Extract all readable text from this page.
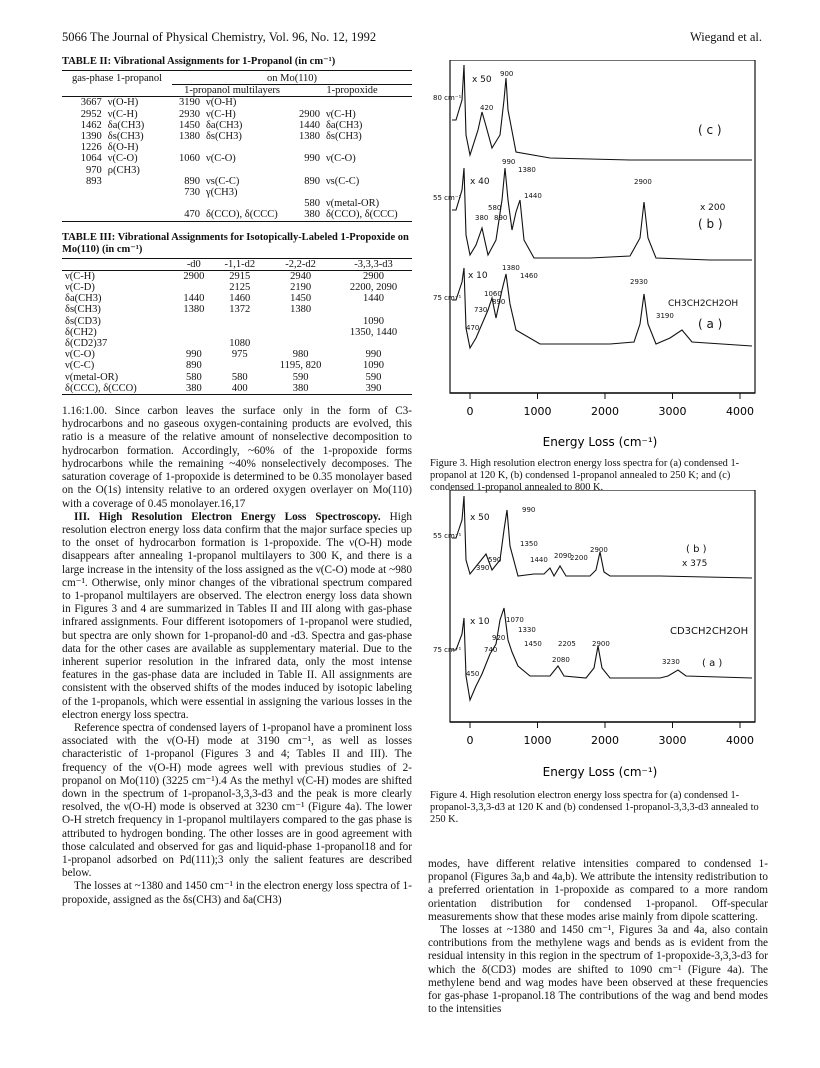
5066 The Journal of Physical Chemistry, Vol. 96, No. 12, 1992	Wiegand et al.
TABLE II: Vibrational Assignments for 1-Propanol (in cm⁻¹)
gas-phase 1-propanol		on Mo(110)			
		1-propanol multilayers		1-propoxide	
3667	ν(O-H)	3190	ν(O-H)		
2952	ν(C-H)	2930	ν(C-H)	2900	ν(C-H)
1462	δa(CH3)	1450	δa(CH3)	1440	δa(CH3)
1390	δs(CH3)	1380	δs(CH3)	1380	δs(CH3)
1226	δ(O-H)				
1064	ν(C-O)	1060	ν(C-O)	990	ν(C-O)
970	ρ(CH3)				
893		890	νs(C-C)	890	νs(C-C)
		730	γ(CH3)		
				580	ν(metal-OR)
		470	δ(CCO), δ(CCC)	380	δ(CCO), δ(CCC)
TABLE III: Vibrational Assignments for Isotopically-Labeled 1-Propoxide on Mo(110) (in cm⁻¹)
	-d0	-1,1-d2	-2,2-d2	-3,3,3-d3
ν(C-H)	2900	2915	2940	2900
ν(C-D)		2125	2190	2200, 2090
δa(CH3)	1440	1460	1450	1440
δs(CH3)	1380	1372	1380	
δs(CD3)				1090
δ(CH2)				1350, 1440
δ(CD2)37		1080		
ν(C-O)	990	975	980	990
ν(C-C)	890		1195, 820	1090
ν(metal-OR)	580	580	590	590
δ(CCC), δ(CCO)	380	400	380	390

1.16:1.00. Since carbon leaves the surface only in the form of C3-hydrocarbons and no gaseous oxygen-containing products are evolved, this ratio is a measure of the relative amount of nonselective decomposition to hydrocarbon formation. Accordingly, ~60% of the 1-propoxide forms hydrocarbons while the remaining ~40% nonselectively decomposes. The saturation coverage of 1-propoxide is determined to be 0.35 monolayer based on the O(1s) intensity relative to an ordered oxygen overlayer on Mo(110) with a coverage of 0.45 monolayer.16,17

III. High Resolution Electron Energy Loss Spectroscopy. High resolution electron energy loss data confirm that the major surface species up to the onset of hydrocarbon formation is 1-propoxide. The ν(O-H) mode disappears after annealing 1-propanol multilayers to 300 K, and there is a large increase in the intensity of the loss assigned as the ν(C-O) mode at ~980 cm⁻¹. Otherwise, only minor changes of the vibrational spectrum compared to 1-propanol multilayers are observed. The electron energy loss data shown in Figures 3 and 4 are summarized in Tables II and III along with gas-phase infrared assignments. Four different isotopomers of 1-propanol were studied, but spectra are only shown for 1-propanol-d0 and -d3. Spectra and gas-phase data for the other cases are available as supplementary material. Due to the inherent superior resolution in the infrared data, only the most intense features in the gas-phase data are included in Table II. All assignments are consistent with the observed shifts of the modes induced by isotopic labeling of the 1-propanols, which were essential in assigning the various losses in the electron energy loss spectra.

Reference spectra of condensed layers of 1-propanol have a prominent loss associated with the ν(O-H) mode at 3190 cm⁻¹, as well as losses characteristic of 1-propanol (Figures 3 and 4; Tables II and III). The frequency of the ν(O-H) mode agrees well with previous studies of 2-propanol on Mo(110) (3225 cm⁻¹).4 As the methyl ν(C-H) modes are shifted down in the spectrum of 1-propanol-3,3,3-d3 and the peak is more clearly resolved, the ν(O-H) mode is observed at 3230 cm⁻¹ (Figure 4a). The lower O-H stretch frequency in 1-propanol multilayers compared to the gas phase is attributed to hydrogen bonding. The other losses are in good agreement with those calculated and observed for gas and liquid-phase 1-propanol18 and for 1-propanol adsorbed on Pd(111);3 only the salient features are described below.

The losses at ~1380 and 1450 cm⁻¹ in the electron energy loss spectra of 1-propoxide, assigned as the δs(CH3) and δa(CH3)

0	1000	2000	3000	4000
80 cm⁻¹
x 50
900
420
( c )
55 cm⁻¹
x 40
990
1380
1440
2900
580
380 890
x 200
( b )
75 cm⁻¹
x 10
1380
1460
2930
1060
890
730
470
3190
CH3CH2CH2OH
( a )
Energy Loss (cm⁻¹)
Figure 3. High resolution electron energy loss spectra for (a) condensed 1-propanol at 120 K, (b) condensed 1-propanol annealed to 250 K; and (c) condensed 1-propanol annealed to 800 K.
0	1000	2000	3000	4000
55 cm⁻¹
x 50
990
1350
1440 2090
2200
2900
590
390
( b )
x 375
75 cm⁻¹
x 10 1070
1330
920
1450 2205 2900
740
2080	3230
450
CD3CH2CH2OH
( a )
Energy Loss (cm⁻¹)
Figure 4. High resolution electron energy loss spectra for (a) condensed 1-propanol-3,3,3-d3 at 120 K and (b) condensed 1-propanol-3,3,3-d3 annealed to 250 K.

modes, have different relative intensities compared to condensed 1-propanol (Figures 3a,b and 4a,b). We attribute the intensity redistribution to a preferred orientation in 1-propoxide as compared to a more random orientation distribution for condensed 1-propanol. Off-specular measurements show that these modes arise mainly from dipole scattering.

The losses at ~1380 and 1450 cm⁻¹, Figures 3a and 4a, also contain contributions from the methylene wags and bends as is evident from the residual intensity in this region in the spectrum of 1-propoxide-3,3,3-d3 for which the δ(CD3) modes are shifted to 1090 cm⁻¹ (Figure 4a). The methylene bend and wag modes have been observed at these frequencies for gas-phase 1-propanol.18 The contributions of the wag and bend modes to the intensities
